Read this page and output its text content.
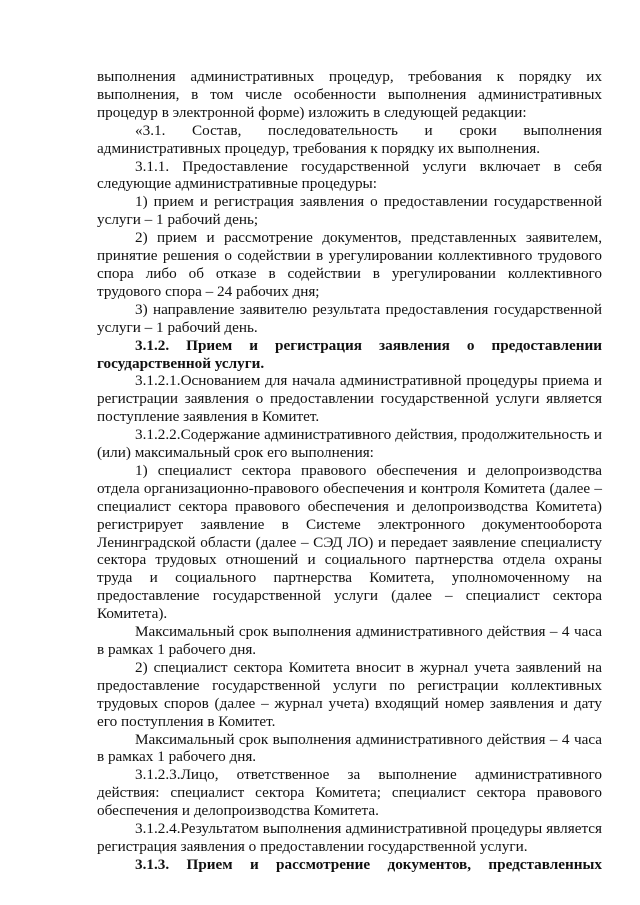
выполнения административных процедур, требования к порядку их выполнения, в том числе особенности выполнения административных процедур в электронной форме) изложить в следующей редакции:

«3.1. Состав, последовательность и сроки выполнения административных процедур, требования к порядку их выполнения.

3.1.1. Предоставление государственной услуги включает в себя следующие административные процедуры:

1) прием и регистрация заявления о предоставлении государственной услуги – 1 рабочий день;

2) прием и рассмотрение документов, представленных заявителем, принятие решения о содействии в урегулировании коллективного трудового спора либо об отказе в содействии в урегулировании коллективного трудового спора – 24 рабочих дня;

3) направление заявителю результата предоставления государственной услуги – 1 рабочий день.

3.1.2. Прием и регистрация заявления о предоставлении государственной услуги.

3.1.2.1.Основанием для начала административной процедуры приема и регистрации заявления о предоставлении государственной услуги является поступление заявления в Комитет.

3.1.2.2.Содержание административного действия, продолжительность и (или) максимальный срок его выполнения:

1) специалист сектора правового обеспечения и делопроизводства отдела организационно-правового обеспечения и контроля Комитета (далее – специалист сектора правового обеспечения и делопроизводства Комитета) регистрирует заявление в Системе электронного документооборота Ленинградской области (далее – СЭД ЛО) и передает заявление специалисту сектора трудовых отношений и социального партнерства отдела охраны труда и социального партнерства Комитета, уполномоченному на предоставление государственной услуги (далее – специалист сектора Комитета).

Максимальный срок выполнения административного действия – 4 часа в рамках 1 рабочего дня.

2) специалист сектора Комитета вносит в журнал учета заявлений на предоставление государственной услуги по регистрации коллективных трудовых споров (далее – журнал учета) входящий номер заявления и дату его поступления в Комитет.

Максимальный срок выполнения административного действия – 4 часа в рамках 1 рабочего дня.

3.1.2.3.Лицо, ответственное за выполнение административного действия: специалист сектора Комитета; специалист сектора правового обеспечения и делопроизводства Комитета.

3.1.2.4.Результатом выполнения административной процедуры является регистрация заявления о предоставлении государственной услуги.

3.1.3. Прием и рассмотрение документов, представленных
